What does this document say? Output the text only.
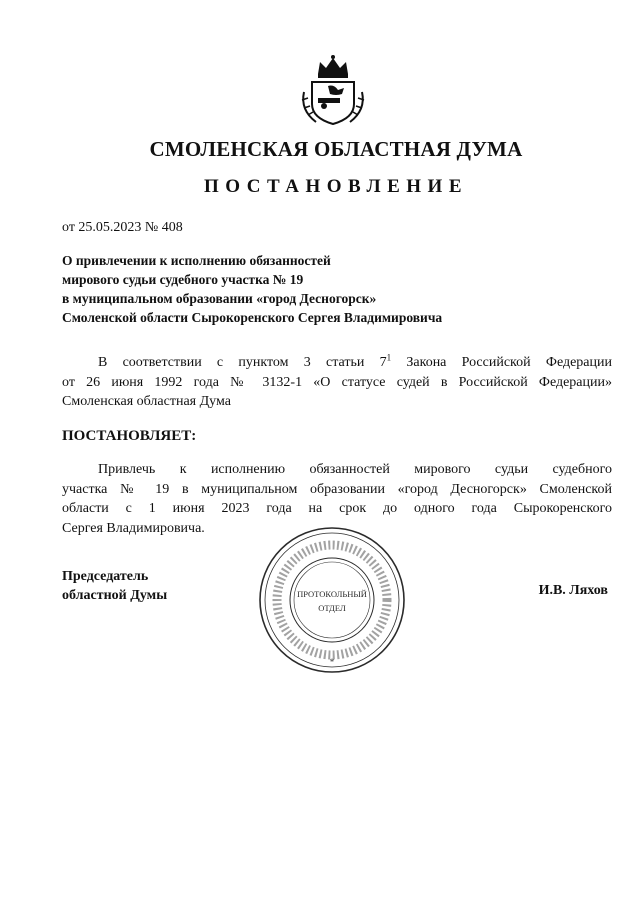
СМОЛЕНСКАЯ ОБЛАСТНАЯ ДУМА
ПОСТАНОВЛЕНИЕ
от 25.05.2023 № 408
О привлечении к исполнению обязанностей
мирового судьи судебного участка № 19
в муниципальном образовании «город Десногорск»
Смоленской области Сырокоренского Сергея Владимировича
В соответствии с пунктом 3 статьи $7^1$ Закона Российской Федерации
от 26 июня 1992 года № 3132-1 «О статусе судей в Российской Федерации»
Смоленская областная Дума
ПОСТАНОВЛЯЕТ:
Привлечь к исполнению обязанностей мирового судьи судебного
участка № 19 в муниципальном образовании «город Десногорск» Смоленской
области с 1 июня 2023 года на срок до одного года Сырокоренского
Сергея Владимировича.
Председатель
областной Думы	И.В. Ляхов
ПРОТОКОЛЬНЫЙ
ОТДЕЛ
*
